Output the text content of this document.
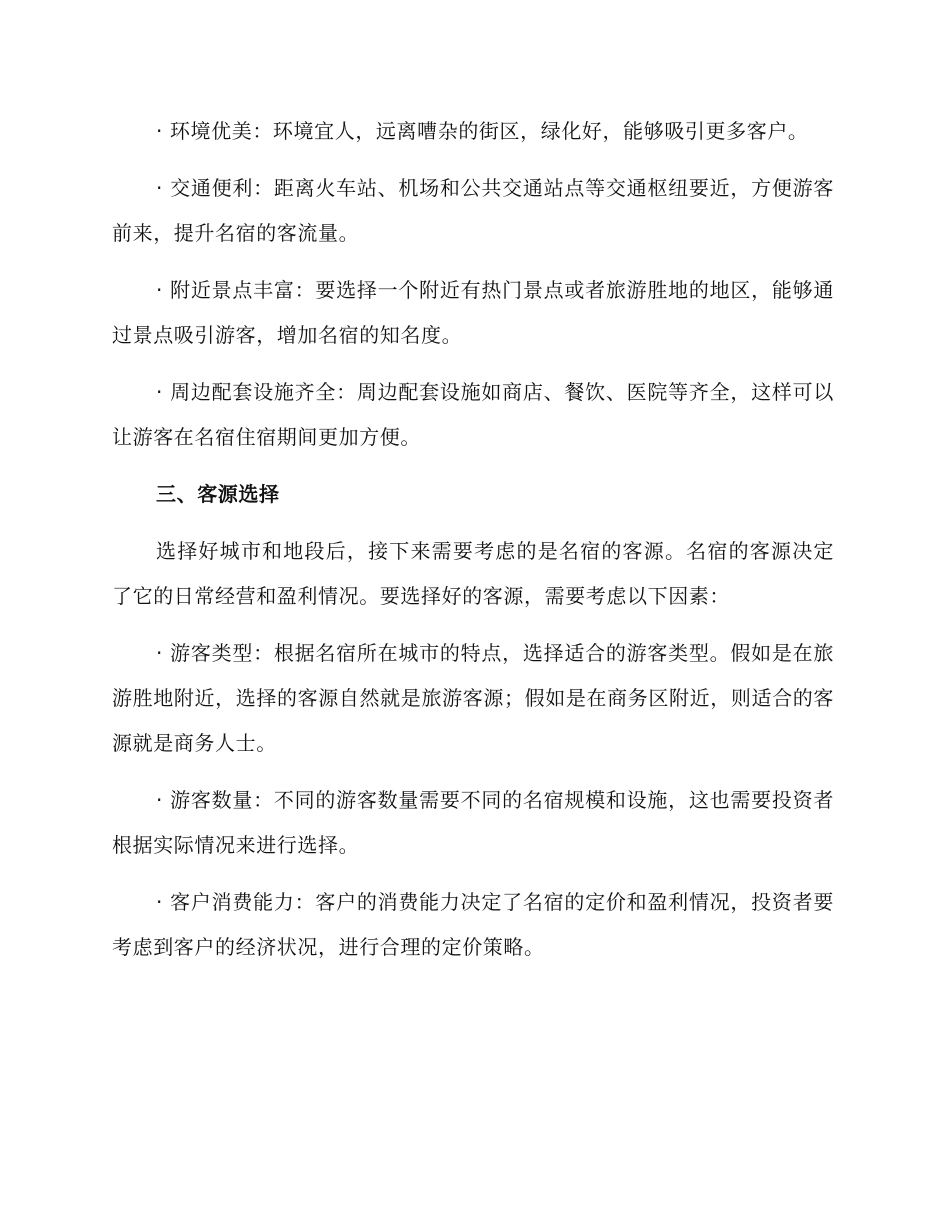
· 环境优美：环境宜人，远离嘈杂的街区，绿化好，能够吸引更多客户。

· 交通便利：距离火车站、机场和公共交通站点等交通枢纽要近，方便游客前来，提升名宿的客流量。

· 附近景点丰富：要选择一个附近有热门景点或者旅游胜地的地区，能够通过景点吸引游客，增加名宿的知名度。

· 周边配套设施齐全：周边配套设施如商店、餐饮、医院等齐全，这样可以让游客在名宿住宿期间更加方便。

三、客源选择

选择好城市和地段后，接下来需要考虑的是名宿的客源。名宿的客源决定了它的日常经营和盈利情况。要选择好的客源，需要考虑以下因素：

· 游客类型：根据名宿所在城市的特点，选择适合的游客类型。假如是在旅游胜地附近，选择的客源自然就是旅游客源；假如是在商务区附近，则适合的客源就是商务人士。

· 游客数量：不同的游客数量需要不同的名宿规模和设施，这也需要投资者根据实际情况来进行选择。

· 客户消费能力：客户的消费能力决定了名宿的定价和盈利情况，投资者要考虑到客户的经济状况，进行合理的定价策略。
